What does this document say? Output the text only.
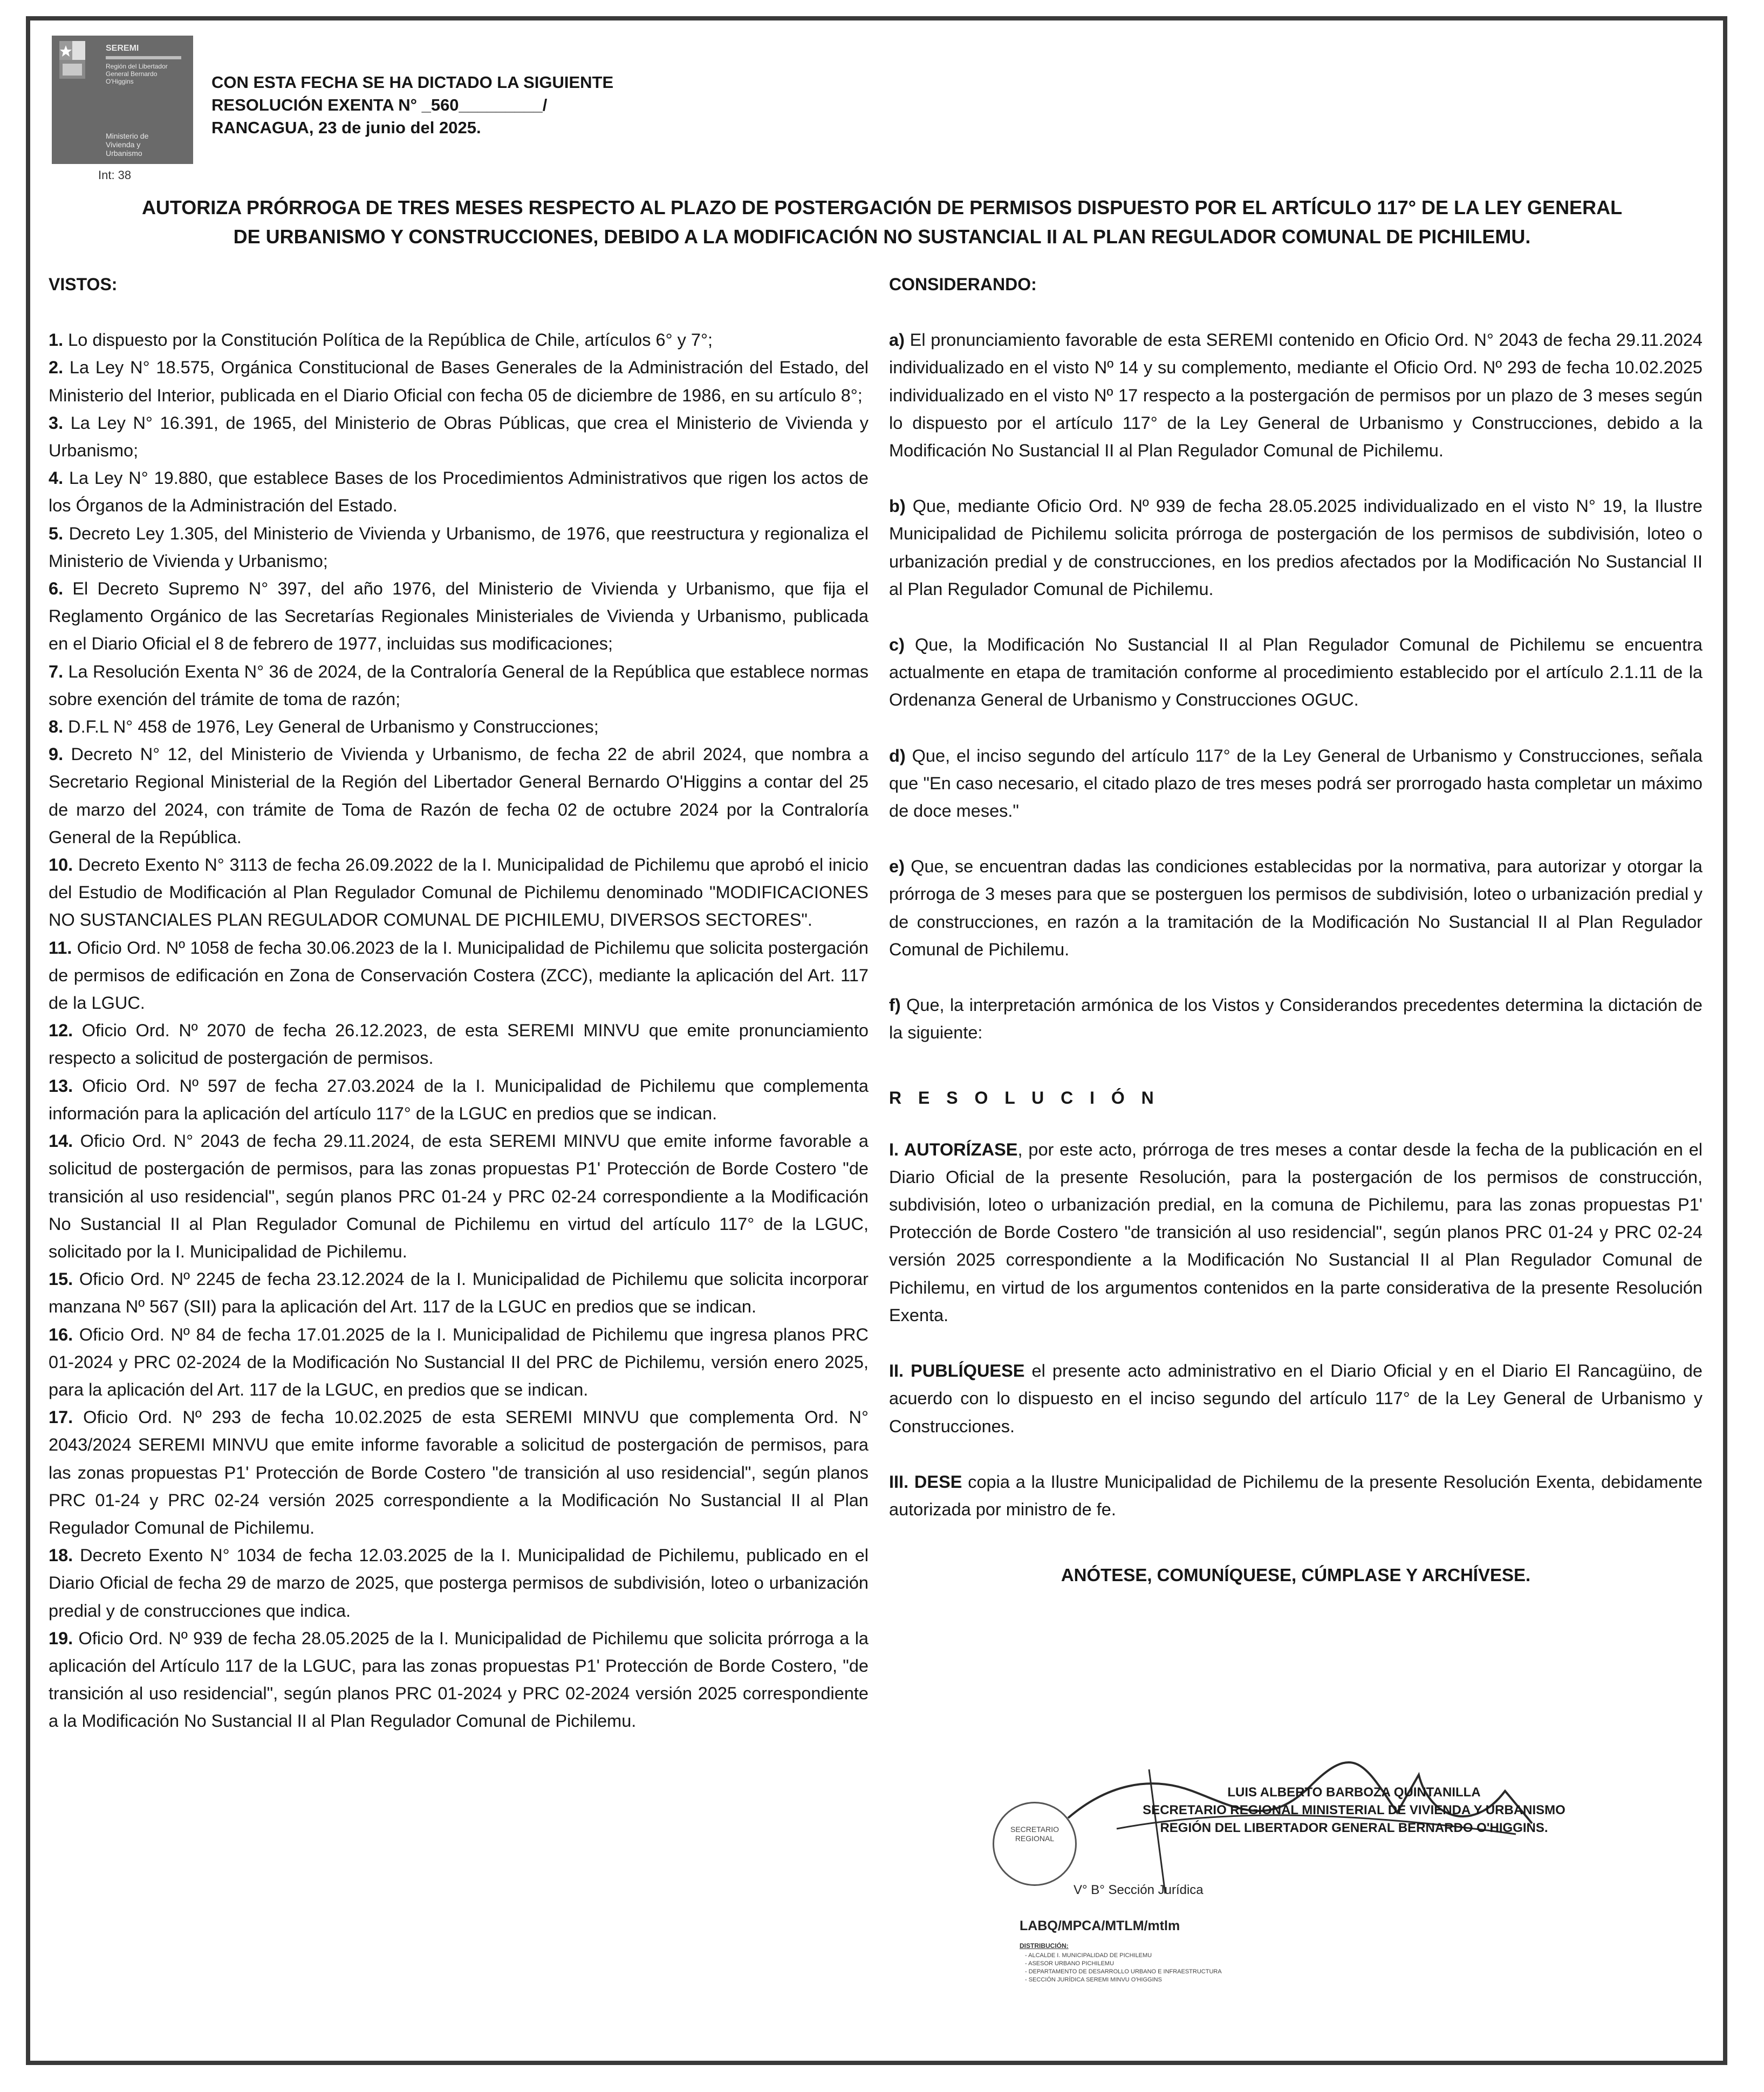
SEREMI
Región del Libertador General Bernardo O'Higgins
Ministerio de
Vivienda y
Urbanismo
Int: 38
CON ESTA FECHA SE HA DICTADO LA SIGUIENTE
RESOLUCIÓN EXENTA N° _560_________/
RANCAGUA, 23 de junio del 2025.
AUTORIZA PRÓRROGA DE TRES MESES RESPECTO AL PLAZO DE POSTERGACIÓN DE PERMISOS DISPUESTO POR EL ARTÍCULO 117° DE LA LEY GENERAL
DE URBANISMO Y CONSTRUCCIONES, DEBIDO A LA MODIFICACIÓN NO SUSTANCIAL II AL PLAN REGULADOR COMUNAL DE PICHILEMU.

VISTOS:

1. Lo dispuesto por la Constitución Política de la República de Chile, artículos 6° y 7°;

2. La Ley N° 18.575, Orgánica Constitucional de Bases Generales de la Administración del Estado, del Ministerio del Interior, publicada en el Diario Oficial con fecha 05 de diciembre de 1986, en su artículo 8°;

3. La Ley N° 16.391, de 1965, del Ministerio de Obras Públicas, que crea el Ministerio de Vivienda y Urbanismo;

4. La Ley N° 19.880, que establece Bases de los Procedimientos Administrativos que rigen los actos de los Órganos de la Administración del Estado.

5. Decreto Ley 1.305, del Ministerio de Vivienda y Urbanismo, de 1976, que reestructura y regionaliza el Ministerio de Vivienda y Urbanismo;

6. El Decreto Supremo N° 397, del año 1976, del Ministerio de Vivienda y Urbanismo, que fija el Reglamento Orgánico de las Secretarías Regionales Ministeriales de Vivienda y Urbanismo, publicada en el Diario Oficial el 8 de febrero de 1977, incluidas sus modificaciones;

7. La Resolución Exenta N° 36 de 2024, de la Contraloría General de la República que establece normas sobre exención del trámite de toma de razón;

8. D.F.L N° 458 de 1976, Ley General de Urbanismo y Construcciones;

9. Decreto N° 12, del Ministerio de Vivienda y Urbanismo, de fecha 22 de abril 2024, que nombra a Secretario Regional Ministerial de la Región del Libertador General Bernardo O'Higgins a contar del 25 de marzo del 2024, con trámite de Toma de Razón de fecha 02 de octubre 2024 por la Contraloría General de la República.

10. Decreto Exento N° 3113 de fecha 26.09.2022 de la I. Municipalidad de Pichilemu que aprobó el inicio del Estudio de Modificación al Plan Regulador Comunal de Pichilemu denominado "MODIFICACIONES NO SUSTANCIALES PLAN REGULADOR COMUNAL DE PICHILEMU, DIVERSOS SECTORES".

11. Oficio Ord. Nº 1058 de fecha 30.06.2023 de la I. Municipalidad de Pichilemu que solicita postergación de permisos de edificación en Zona de Conservación Costera (ZCC), mediante la aplicación del Art. 117 de la LGUC.

12. Oficio Ord. Nº 2070 de fecha 26.12.2023, de esta SEREMI MINVU que emite pronunciamiento respecto a solicitud de postergación de permisos.

13. Oficio Ord. Nº 597 de fecha 27.03.2024 de la I. Municipalidad de Pichilemu que complementa información para la aplicación del artículo 117° de la LGUC en predios que se indican.

14. Oficio Ord. N° 2043 de fecha 29.11.2024, de esta SEREMI MINVU que emite informe favorable a solicitud de postergación de permisos, para las zonas propuestas P1' Protección de Borde Costero "de transición al uso residencial", según planos PRC 01-24 y PRC 02-24 correspondiente a la Modificación No Sustancial II al Plan Regulador Comunal de Pichilemu en virtud del artículo 117° de la LGUC, solicitado por la I. Municipalidad de Pichilemu.

15. Oficio Ord. Nº 2245 de fecha 23.12.2024 de la I. Municipalidad de Pichilemu que solicita incorporar manzana Nº 567 (SII) para la aplicación del Art. 117 de la LGUC en predios que se indican.

16. Oficio Ord. Nº 84 de fecha 17.01.2025 de la I. Municipalidad de Pichilemu que ingresa planos PRC 01-2024 y PRC 02-2024 de la Modificación No Sustancial II del PRC de Pichilemu, versión enero 2025, para la aplicación del Art. 117 de la LGUC, en predios que se indican.

17. Oficio Ord. Nº 293 de fecha 10.02.2025 de esta SEREMI MINVU que complementa Ord. N° 2043/2024 SEREMI MINVU que emite informe favorable a solicitud de postergación de permisos, para las zonas propuestas P1' Protección de Borde Costero "de transición al uso residencial", según planos PRC 01-24 y PRC 02-24 versión 2025 correspondiente a la Modificación No Sustancial II al Plan Regulador Comunal de Pichilemu.

18. Decreto Exento N° 1034 de fecha 12.03.2025 de la I. Municipalidad de Pichilemu, publicado en el Diario Oficial de fecha 29 de marzo de 2025, que posterga permisos de subdivisión, loteo o urbanización predial y de construcciones que indica.

19. Oficio Ord. Nº 939 de fecha 28.05.2025 de la I. Municipalidad de Pichilemu que solicita prórroga a la aplicación del Artículo 117 de la LGUC, para las zonas propuestas P1' Protección de Borde Costero, "de transición al uso residencial", según planos PRC 01-2024 y PRC 02-2024 versión 2025 correspondiente a la Modificación No Sustancial II al Plan Regulador Comunal de Pichilemu.

CONSIDERANDO:

a) El pronunciamiento favorable de esta SEREMI contenido en Oficio Ord. N° 2043 de fecha 29.11.2024 individualizado en el visto Nº 14 y su complemento, mediante el Oficio Ord. Nº 293 de fecha 10.02.2025 individualizado en el visto Nº 17 respecto a la postergación de permisos por un plazo de 3 meses según lo dispuesto por el artículo 117° de la Ley General de Urbanismo y Construcciones, debido a la Modificación No Sustancial II al Plan Regulador Comunal de Pichilemu.

b) Que, mediante Oficio Ord. Nº 939 de fecha 28.05.2025 individualizado en el visto N° 19, la Ilustre Municipalidad de Pichilemu solicita prórroga de postergación de los permisos de subdivisión, loteo o urbanización predial y de construcciones, en los predios afectados por la Modificación No Sustancial II al Plan Regulador Comunal de Pichilemu.

c) Que, la Modificación No Sustancial II al Plan Regulador Comunal de Pichilemu se encuentra actualmente en etapa de tramitación conforme al procedimiento establecido por el artículo 2.1.11 de la Ordenanza General de Urbanismo y Construcciones OGUC.

d) Que, el inciso segundo del artículo 117° de la Ley General de Urbanismo y Construcciones, señala que "En caso necesario, el citado plazo de tres meses podrá ser prorrogado hasta completar un máximo de doce meses."

e) Que, se encuentran dadas las condiciones establecidas por la normativa, para autorizar y otorgar la prórroga de 3 meses para que se posterguen los permisos de subdivisión, loteo o urbanización predial y de construcciones, en razón a la tramitación de la Modificación No Sustancial II al Plan Regulador Comunal de Pichilemu.

f) Que, la interpretación armónica de los Vistos y Considerandos precedentes determina la dictación de la siguiente:

R E S O L U C I Ó N

I. AUTORÍZASE, por este acto, prórroga de tres meses a contar desde la fecha de la publicación en el Diario Oficial de la presente Resolución, para la postergación de los permisos de construcción, subdivisión, loteo o urbanización predial, en la comuna de Pichilemu, para las zonas propuestas P1' Protección de Borde Costero "de transición al uso residencial", según planos PRC 01-24 y PRC 02-24 versión 2025 correspondiente a la Modificación No Sustancial II al Plan Regulador Comunal de Pichilemu, en virtud de los argumentos contenidos en la parte considerativa de la presente Resolución Exenta.

II. PUBLÍQUESE el presente acto administrativo en el Diario Oficial y en el Diario El Rancagüino, de acuerdo con lo dispuesto en el inciso segundo del artículo 117° de la Ley General de Urbanismo y Construcciones.

III. DESE copia a la Ilustre Municipalidad de Pichilemu de la presente Resolución Exenta, debidamente autorizada por ministro de fe.

ANÓTESE, COMUNÍQUESE, CÚMPLASE Y ARCHÍVESE.

LUIS ALBERTO BARBOZA QUINTANILLA
SECRETARIO REGIONAL MINISTERIAL DE VIVIENDA Y URBANISMO
REGIÓN DEL LIBERTADOR GENERAL BERNARDO O'HIGGINS.
SECRETARIO
REGIONAL
V° B° Sección Jurídica
LABQ/MPCA/MTLM/mtlm
DISTRIBUCIÓN:
- ALCALDE I. MUNICIPALIDAD DE PICHILEMU
- ASESOR URBANO PICHILEMU
- DEPARTAMENTO DE DESARROLLO URBANO E INFRAESTRUCTURA
- SECCIÓN JURÍDICA SEREMI MINVU O'HIGGINS
